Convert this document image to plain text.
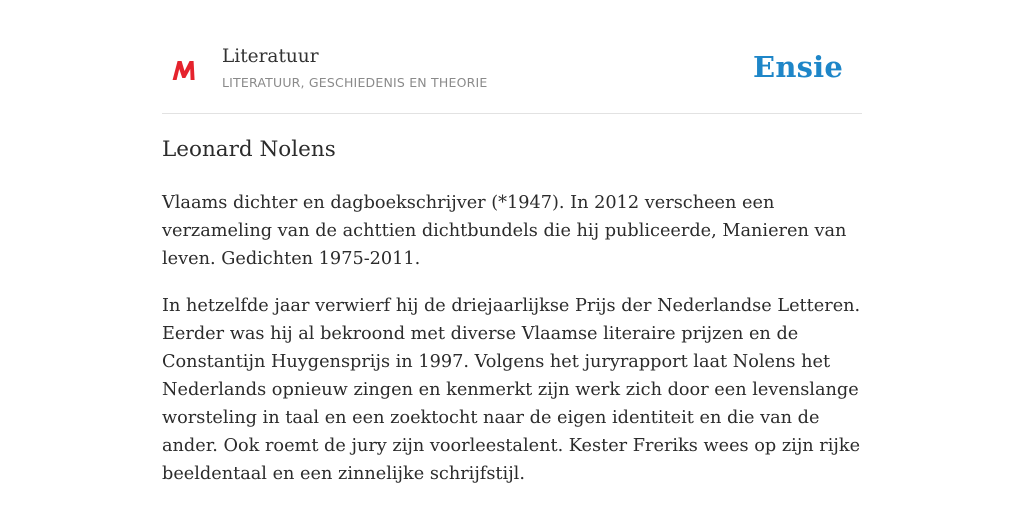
Literatuur
LITERATUUR, GESCHIEDENIS EN THEORIE	Ensie
Leonard Nolens

Vlaams dichter en dagboekschrijver (*1947). In 2012 verscheen een verzameling van de achttien dichtbundels die hij publiceerde, Manieren van leven. Gedichten 1975-2011.

In hetzelfde jaar verwierf hij de driejaarlijkse Prijs der Nederlandse Letteren. Eerder was hij al bekroond met diverse Vlaamse literaire prijzen en de Constantijn Huygensprijs in 1997. Volgens het juryrapport laat Nolens het Nederlands opnieuw zingen en kenmerkt zijn werk zich door een levenslange worsteling in taal en een zoektocht naar de eigen identiteit en die van de ander. Ook roemt de jury zijn voorleestalent. Kester Freriks wees op zijn rijke beeldentaal en een zinnelijke schrijfstijl.
